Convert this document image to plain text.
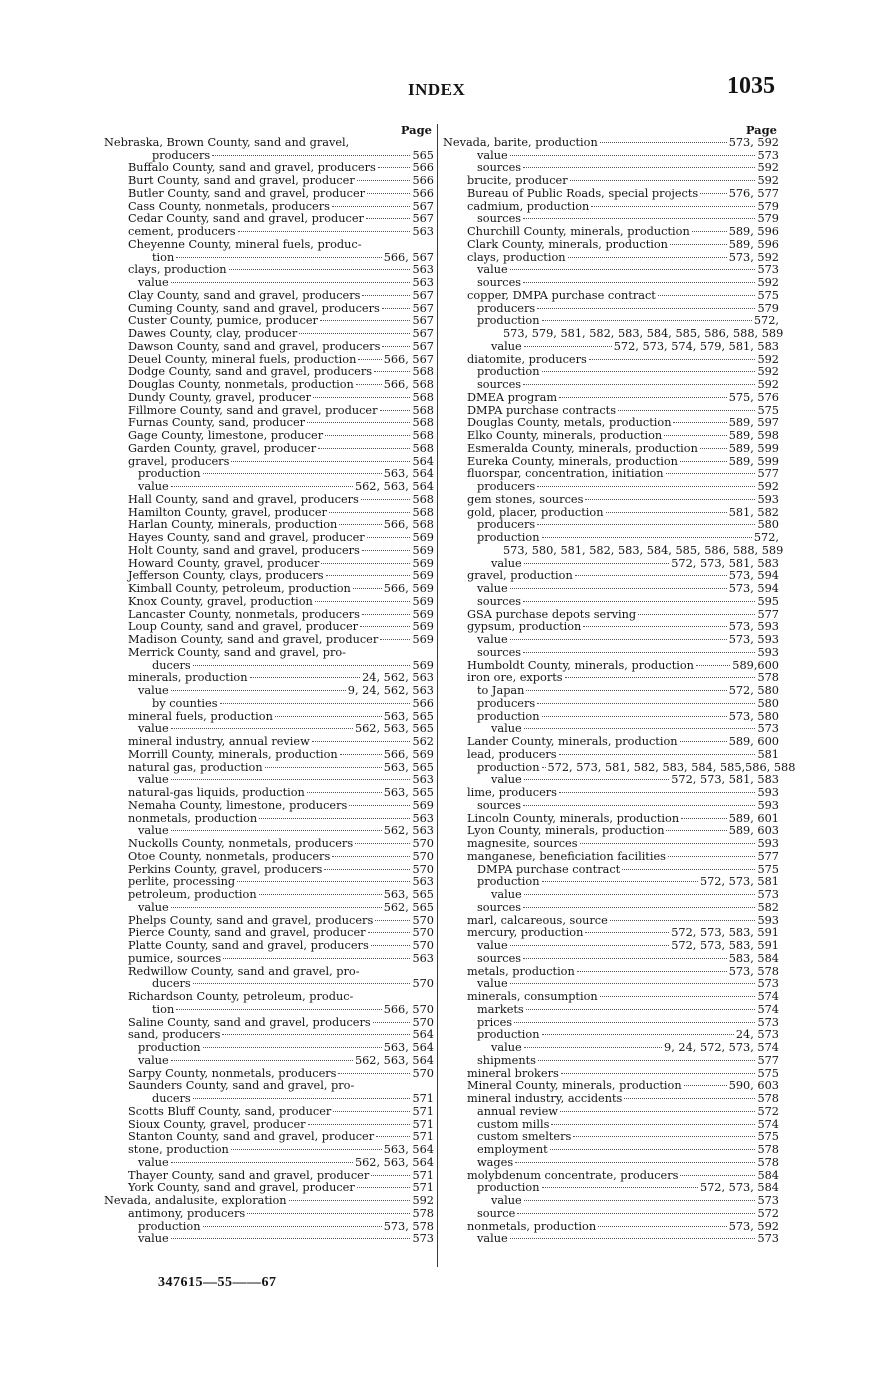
INDEX	1035
Page
Nebraska, Brown County, sand and gravel,
producers	565
Buffalo County, sand and gravel, producers	566
Burt County, sand and gravel, producer	566
Butler County, sand and gravel, producer	566
Cass County, nonmetals, producers	567
Cedar County, sand and gravel, producer	567
cement, producers	563
Cheyenne County, mineral fuels, produc-
tion	566, 567
clays, production	563
value	563
Clay County, sand and gravel, producers	567
Cuming County, sand and gravel, producers	567
Custer County, pumice, producer	567
Dawes County, clay, producer	567
Dawson County, sand and gravel, producers	567
Deuel County, mineral fuels, production 566, 567
Dodge County, sand and gravel, producers	568
Douglas County, nonmetals, production	566, 568
Dundy County, gravel, producer	568
Fillmore County, sand and gravel, producer	568
Furnas County, sand, producer	568
Gage County, limestone, producer	568
Garden County, gravel, producer	568
gravel, producers	564
production	563, 564
value	562, 563, 564
Hall County, sand and gravel, producers	568
Hamilton County, gravel, producer	568
Harlan County, minerals, production	566, 568
Hayes County, sand and gravel, producer	569
Holt County, sand and gravel, producers	569
Howard County, gravel, producer	569
Jefferson County, clays, producers	569
Kimball County, petroleum, production	566, 569
Knox County, gravel, production	569
Lancaster County, nonmetals, producers	569
Loup County, sand and gravel, producer	569
Madison County, sand and gravel, producer	569
Merrick County, sand and gravel, pro-
ducers	569
minerals, production	24, 562, 563
value	9, 24, 562, 563
by counties	566
mineral fuels, production	563, 565
value	562, 563, 565
mineral industry, annual review	562
Morrill County, minerals, production	566, 569
natural gas, production	563, 565
value	563
natural-gas liquids, production	563, 565
Nemaha County, limestone, producers	569
nonmetals, production	563
value	562, 563
Nuckolls County, nonmetals, producers	570
Otoe County, nonmetals, producers	570
Perkins County, gravel, producers	570
perlite, processing	563
petroleum, production	563, 565
value	562, 565
Phelps County, sand and gravel, producers	570
Pierce County, sand and gravel, producer	570
Platte County, sand and gravel, producers	570
pumice, sources	563
Redwillow County, sand and gravel, pro-
ducers	570
Richardson County, petroleum, produc-
tion	566, 570
Saline County, sand and gravel, producers	570
sand, producers	564
production	563, 564
value	562, 563, 564
Sarpy County, nonmetals, producers	570
Saunders County, sand and gravel, pro-
ducers	571
Scotts Bluff County, sand, producer	571
Sioux County, gravel, producer	571
Stanton County, sand and gravel, producer	571
stone, production	563, 564
value	562, 563, 564
Thayer County, sand and gravel, producer	571
York County, sand and gravel, producer	571
Nevada, andalusite, exploration	592
antimony, producers	578
production	573, 578
value	573
Page
Nevada, barite, production	573, 592
value	573
sources	592
brucite, producer	592
Bureau of Public Roads, special projects	576, 577
cadmium, production	579
sources	579
Churchill County, minerals, production	589, 596
Clark County, minerals, production	589, 596
clays, production	573, 592
value	573
sources	592
copper, DMPA purchase contract	575
producers	579
production	572,
573, 579, 581, 582, 583, 584, 585, 586, 588, 589
value	572, 573, 574, 579, 581, 583
diatomite, producers	592
production	592
sources	592
DMEA program	575, 576
DMPA purchase contracts	575
Douglas County, metals, production	589, 597
Elko County, minerals, production	589, 598
Esmeralda County, minerals, production	589, 599
Eureka County, minerals, production	589, 599
fluorspar, concentration, initiation	577
producers	592
gem stones, sources	593
gold, placer, production	581, 582
producers	580
production	572,
573, 580, 581, 582, 583, 584, 585, 586, 588, 589
value	572, 573, 581, 583
gravel, production	573, 594
value	573, 594
sources	595
GSA purchase depots serving	577
gypsum, production	573, 593
value	573, 593
sources	593
Humboldt County, minerals, production	589,600
iron ore, exports	578
to Japan	572, 580
producers	580
production	573, 580
value	573
Lander County, minerals, production	589, 600
lead, producers	581
production 572, 573, 581, 582, 583, 584, 585,586, 588
value	572, 573, 581, 583
lime, producers	593
sources	593
Lincoln County, minerals, production	589, 601
Lyon County, minerals, production	589, 603
magnesite, sources	593
manganese, beneficiation facilities	577
DMPA purchase contract	575
production	572, 573, 581
value	573
sources	582
marl, calcareous, source	593
mercury, production	572, 573, 583, 591
value	572, 573, 583, 591
sources	583, 584
metals, production	573, 578
value	573
minerals, consumption	574
markets	574
prices	573
production	24, 573
value	9, 24, 572, 573, 574
shipments	577
mineral brokers	575
Mineral County, minerals, production	590, 603
mineral industry, accidents	578
annual review	572
custom mills	574
custom smelters	575
employment	578
wages	578
molybdenum concentrate, producers	584
production	572, 573, 584
value	573
source	572
nonmetals, production	573, 592
value	573
347615—55——67
